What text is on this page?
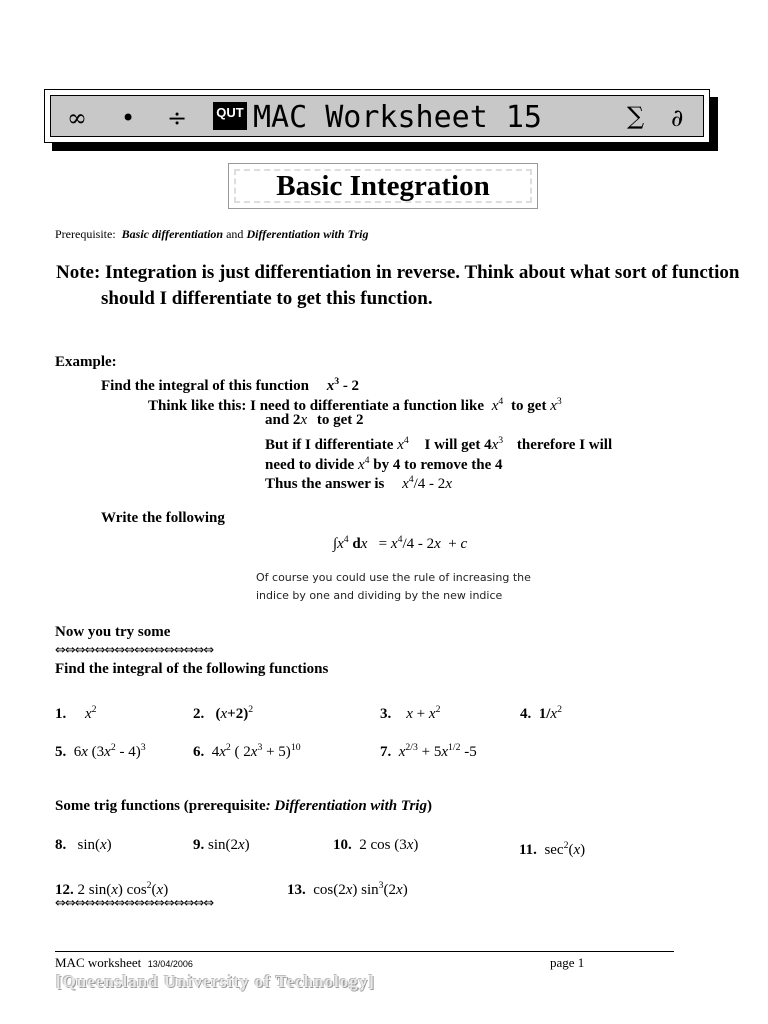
∞ • ÷ QUT MAC Worksheet 15	∑ ∂
Basic Integration
Prerequisite: Basic differentiation and Differentiation with Trig
Note: Integration is just differentiation in reverse. Think about what sort of function should I differentiate to get this function.
Example:
Find the integral of this function $x^3 - 2$
Think like this: I need to differentiate a function like $x^4$ to get $x^3$
and 2x to get 2
But if I differentiate $x^4$ I will get $4x^3$ therefore I will
need to divide $x^4$ by 4 to remove the 4
Thus the answer is $x^4/4 - 2x$
Write the following
$\int x^4$ dx   = $x^4/4 - 2x + c$
Of course you could use the rule of increasing the
indice by one and dividing by the new indice
Now you try some
⇔⇔⇔⇔⇔⇔⇔⇔⇔⇔⇔⇔⇔⇔⇔⇔
Find the integral of the following functions
1. $x^2$	2. $(x+2)^2$	3. $x + x^2$	4. $1/x^2$
5.  6x $(3x^2 - 4)^3$	6.  $4x^2$ ( $2x^3 + 5)^{10}$	7. $x^{2/3} + 5x^{1/2}$ -5
Some trig functions (prerequisite: Differentiation with Trig)
8.   sin(x)	9. sin(2x)	10.  2 cos (3x)	11.  $\sec^2(x)$
12. 2 sin(x) $\cos^2(x)$	13.  cos(2x) $\sin^3(2x)$
⇔⇔⇔⇔⇔⇔⇔⇔⇔⇔⇔⇔⇔⇔⇔⇔
MAC worksheet 13/04/2006	page 1
[Queensland University of Technology]
